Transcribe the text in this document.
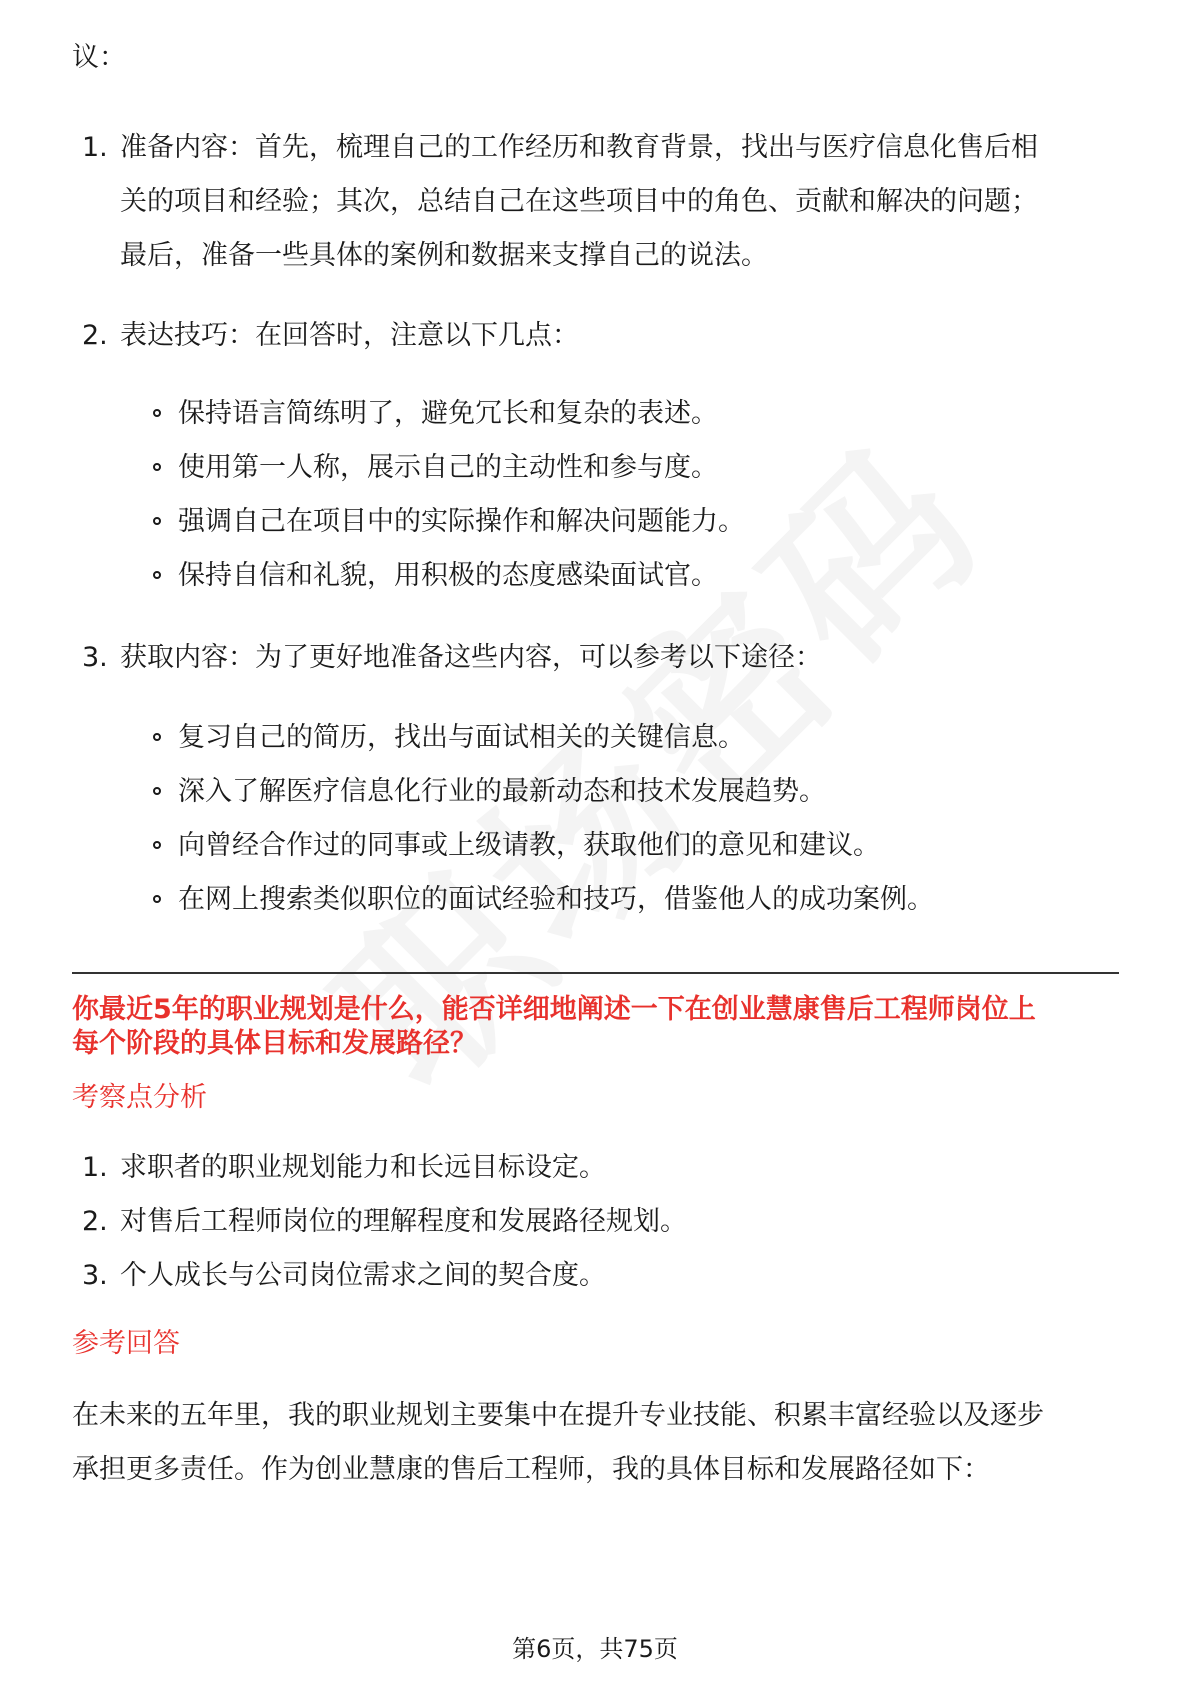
议：
1. 准备内容：首先，梳理自己的工作经历和教育背景，找出与医疗信息化售后相
关的项目和经验；其次，总结自己在这些项目中的角色、贡献和解决的问题；
最后，准备一些具体的案例和数据来支撑自己的说法。
2. 表达技巧：在回答时，注意以下几点：
保持语言简练明了，避免冗长和复杂的表述。
使用第一人称，展示自己的主动性和参与度。
强调自己在项目中的实际操作和解决问题能力。
保持自信和礼貌，用积极的态度感染面试官。
3. 获取内容：为了更好地准备这些内容，可以参考以下途径：
复习自己的简历，找出与面试相关的关键信息。
深入了解医疗信息化行业的最新动态和技术发展趋势。
向曾经合作过的同事或上级请教，获取他们的意见和建议。
在网上搜索类似职位的面试经验和技巧，借鉴他人的成功案例。
你最近5年的职业规划是什么，能否详细地阐述一下在创业慧康售后工程师岗位上
每个阶段的具体目标和发展路径？
考察点分析
1. 求职者的职业规划能力和长远目标设定。
2. 对售后工程师岗位的理解程度和发展路径规划。
3. 个人成长与公司岗位需求之间的契合度。
参考回答
在未来的五年里，我的职业规划主要集中在提升专业技能、积累丰富经验以及逐步
承担更多责任。作为创业慧康的售后工程师，我的具体目标和发展路径如下：
第6页，共75页
